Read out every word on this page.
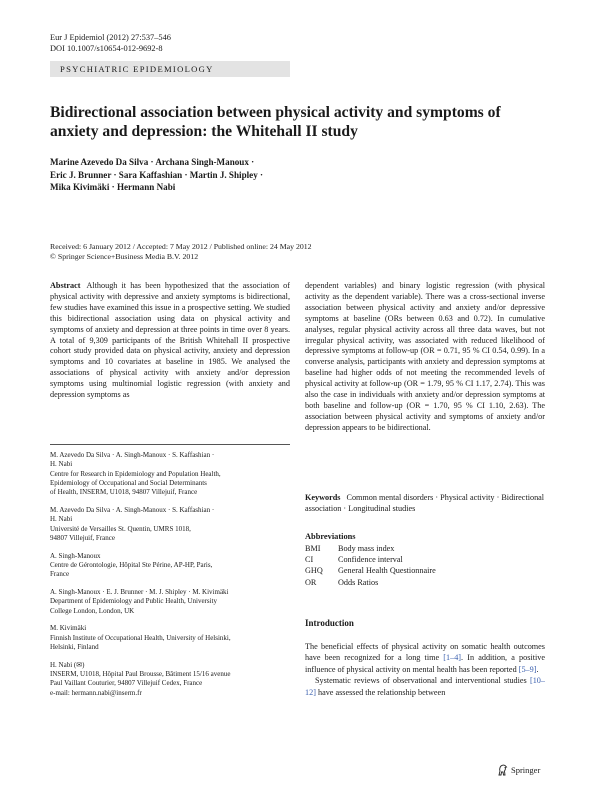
Eur J Epidemiol (2012) 27:537–546
DOI 10.1007/s10654-012-9692-8
PSYCHIATRIC EPIDEMIOLOGY
Bidirectional association between physical activity and symptoms of anxiety and depression: the Whitehall II study
Marine Azevedo Da Silva · Archana Singh-Manoux ·
Eric J. Brunner · Sara Kaffashian · Martin J. Shipley ·
Mika Kivimäki · Hermann Nabi
Received: 6 January 2012 / Accepted: 7 May 2012 / Published online: 24 May 2012
© Springer Science+Business Media B.V. 2012

Abstract Although it has been hypothesized that the association of physical activity with depressive and anxiety symptoms is bidirectional, few studies have examined this issue in a prospective setting. We studied this bidirectional association using data on physical activity and symptoms of anxiety and depression at three points in time over 8 years. A total of 9,309 participants of the British Whitehall II prospective cohort study provided data on physical activity, anxiety and depression symptoms and 10 covariates at baseline in 1985. We analysed the associations of physical activity with anxiety and/or depression symptoms using multinomial logistic regression (with anxiety and depression symptoms as

dependent variables) and binary logistic regression (with physical activity as the dependent variable). There was a cross-sectional inverse association between physical activity and anxiety and/or depressive symptoms at baseline (ORs between 0.63 and 0.72). In cumulative analyses, regular physical activity across all three data waves, but not irregular physical activity, was associated with reduced likelihood of depressive symptoms at follow-up (OR = 0.71, 95 % CI 0.54, 0.99). In a converse analysis, participants with anxiety and depression symptoms at baseline had higher odds of not meeting the recommended levels of physical activity at follow-up (OR = 1.79, 95 % CI 1.17, 2.74). This was also the case in individuals with anxiety and/or depression symptoms at both baseline and follow-up (OR = 1.70, 95 % CI 1.10, 2.63). The association between physical activity and symptoms of anxiety and/or depression appears to be bidirectional.

M. Azevedo Da Silva · A. Singh-Manoux · S. Kaffashian ·
H. Nabi
Centre for Research in Epidemiology and Population Health,
Epidemiology of Occupational and Social Determinants
of Health, INSERM, U1018, 94807 Villejuif, France
M. Azevedo Da Silva · A. Singh-Manoux · S. Kaffashian ·
H. Nabi
Université de Versailles St. Quentin, UMRS 1018,
94807 Villejuif, France
A. Singh-Manoux
Centre de Gérontologie, Hôpital Ste Périne, AP-HP, Paris,
France
A. Singh-Manoux · E. J. Brunner · M. J. Shipley · M. Kivimäki
Department of Epidemiology and Public Health, University
College London, London, UK
M. Kivimäki
Finnish Institute of Occupational Health, University of Helsinki,
Helsinki, Finland
H. Nabi (✉)
INSERM, U1018, Hôpital Paul Brousse, Bâtiment 15/16 avenue
Paul Vaillant Couturier, 94807 Villejuif Cedex, France
e-mail: hermann.nabi@inserm.fr
Keywords Common mental disorders · Physical activity · Bidirectional association · Longitudinal studies
Abbreviations
BMI	Body mass index
CI	Confidence interval
GHQ	General Health Questionnaire
OR	Odds Ratios
Introduction

The beneficial effects of physical activity on somatic health outcomes have been recognized for a long time [1–4]. In addition, a positive influence of physical activity on mental health has been reported [5–9].

Systematic reviews of observational and interventional studies [10–12] have assessed the relationship between

Springer
